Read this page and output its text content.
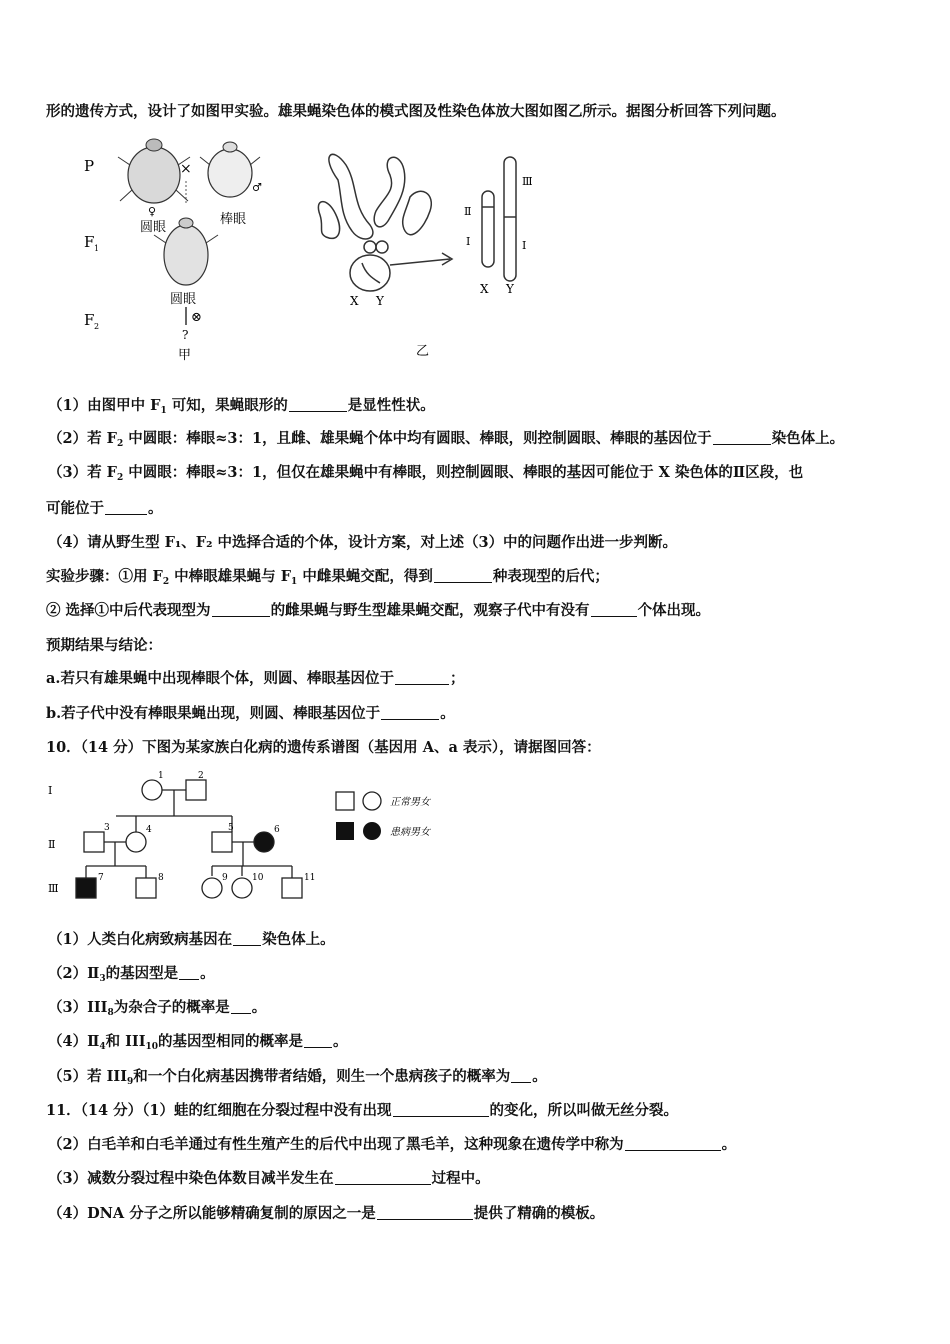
形的遗传方式，设计了如图甲实验。雄果蝇染色体的模式图及性染色体放大图如图乙所示。据图分析回答下列问题。
P
F 1
F 2
♀
圆眼
×
♂
棒眼
圆眼
⊗
?
甲
X Y
Ⅱ
Ⅰ
Ⅲ
Ⅰ
X Y
乙
（1）由图甲中 $F_1$ 可知，果蝇眼形的	是显性性状。
（2）若 $F_2$ 中圆眼：棒眼≈3：1，且雌、雄果蝇个体中均有圆眼、棒眼，则控制圆眼、棒眼的基因位于	染色体上。
（3）若 $F_2$ 中圆眼：棒眼≈3：1，但仅在雄果蝇中有棒眼，则控制圆眼、棒眼的基因可能位于 X 染色体的Ⅱ区段，也
可能位于	。
（4）请从野生型 F₁、F₂ 中选择合适的个体，设计方案，对上述（3）中的问题作出进一步判断。
实验步骤：①用 $F_2$ 中棒眼雄果蝇与 $F_1$ 中雌果蝇交配，得到	种表现型的后代；
② 选择①中后代表现型为	的雌果蝇与野生型雄果蝇交配，观察子代中有没有	个体出现。
预期结果与结论：
a.若只有雄果蝇中出现棒眼个体，则圆、棒眼基因位于	；
b.若子代中没有棒眼果蝇出现，则圆、棒眼基因位于	。
10．（14 分）下图为某家族白化病的遗传系谱图（基因用 A、a 表示），请据图回答：
Ⅰ
Ⅱ
Ⅲ
1	2
3	4	5	6
7	8	9	10	11
正常男女
患病男女
（1）人类白化病致病基因在 染色体上。
$(2)Ⅱ_3$的基因型是 。
$(3)III_8$为杂合子的概率是 。
$(4)Ⅱ_4$和 $III_{10}$的基因型相同的概率是 。
（5）若 $III_9$和一个白化病基因携带者结婚，则生一个患病孩子的概率为 。
11．（14 分）（1）蛙的红细胞在分裂过程中没有出现	的变化，所以叫做无丝分裂。
（2）白毛羊和白毛羊通过有性生殖产生的后代中出现了黑毛羊，这种现象在遗传学中称为	。
（3）减数分裂过程中染色体数目减半发生在	过程中。
（4）DNA 分子之所以能够精确复制的原因之一是	提供了精确的模板。
